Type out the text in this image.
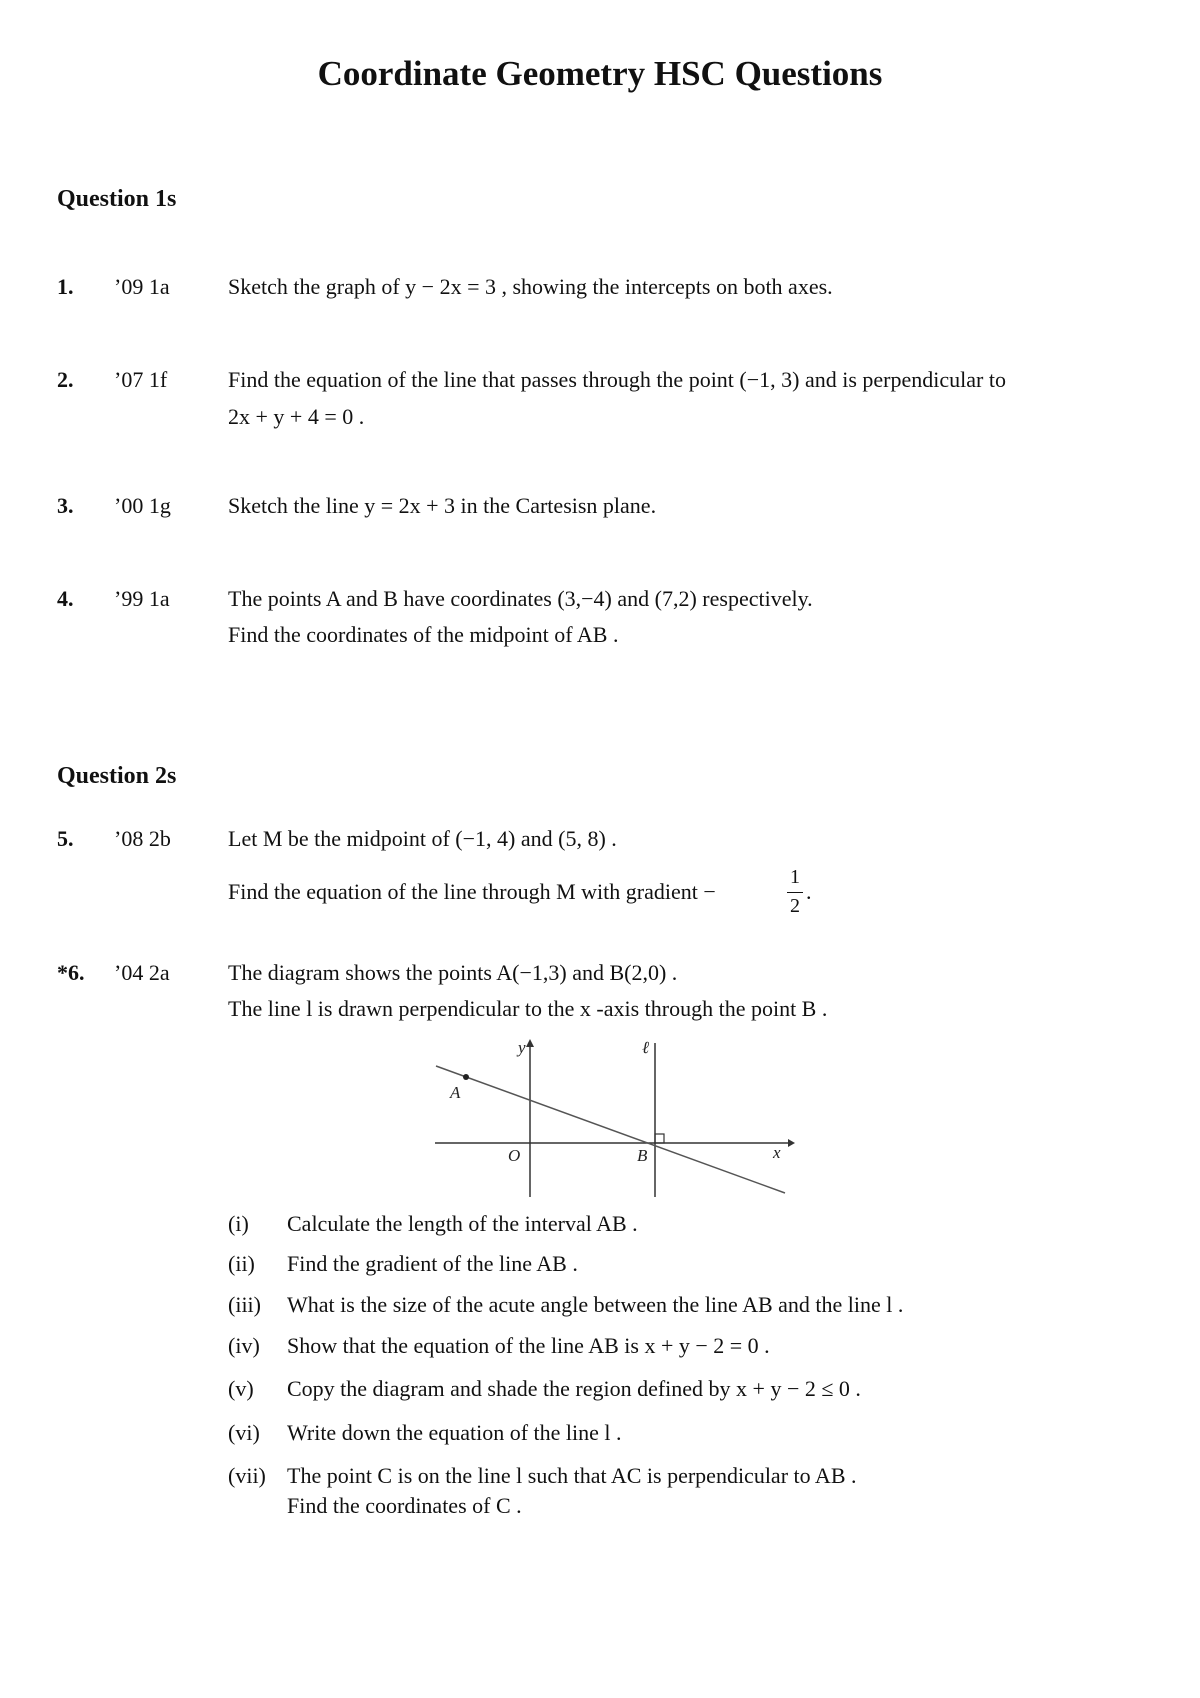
Coordinate Geometry HSC Questions
Question 1s
1. ’09 1a	Sketch the graph of y − 2x = 3 , showing the intercepts on both axes.
2. ’07 1f	Find the equation of the line that passes through the point (−1, 3) and is perpendicular to
2x + y + 4 = 0 .
3. ’00 1g	Sketch the line y = 2x + 3 in the Cartesisn plane.
4. ’99 1a	The points A and B have coordinates (3,−4) and (7,2) respectively.
Find the coordinates of the midpoint of AB .
Question 2s
5. ’08 2b	Let M be the midpoint of (−1, 4) and (5, 8) .
Find the equation of the line through M with gradient −
1
2
.
*6. ’04 2a	The diagram shows the points A(−1,3) and B(2,0) .
The line l is drawn perpendicular to the x -axis through the point B .
y	ℓ
A
O	B	x
(i) Calculate the length of the interval AB .
(ii) Find the gradient of the line AB .
(iii) What is the size of the acute angle between the line AB and the line l .
(iv) Show that the equation of the line AB is x + y − 2 = 0 .
(v) Copy the diagram and shade the region defined by x + y − 2 ≤ 0 .
(vi) Write down the equation of the line l .
(vii) The point C is on the line l such that AC is perpendicular to AB .
Find the coordinates of C .
